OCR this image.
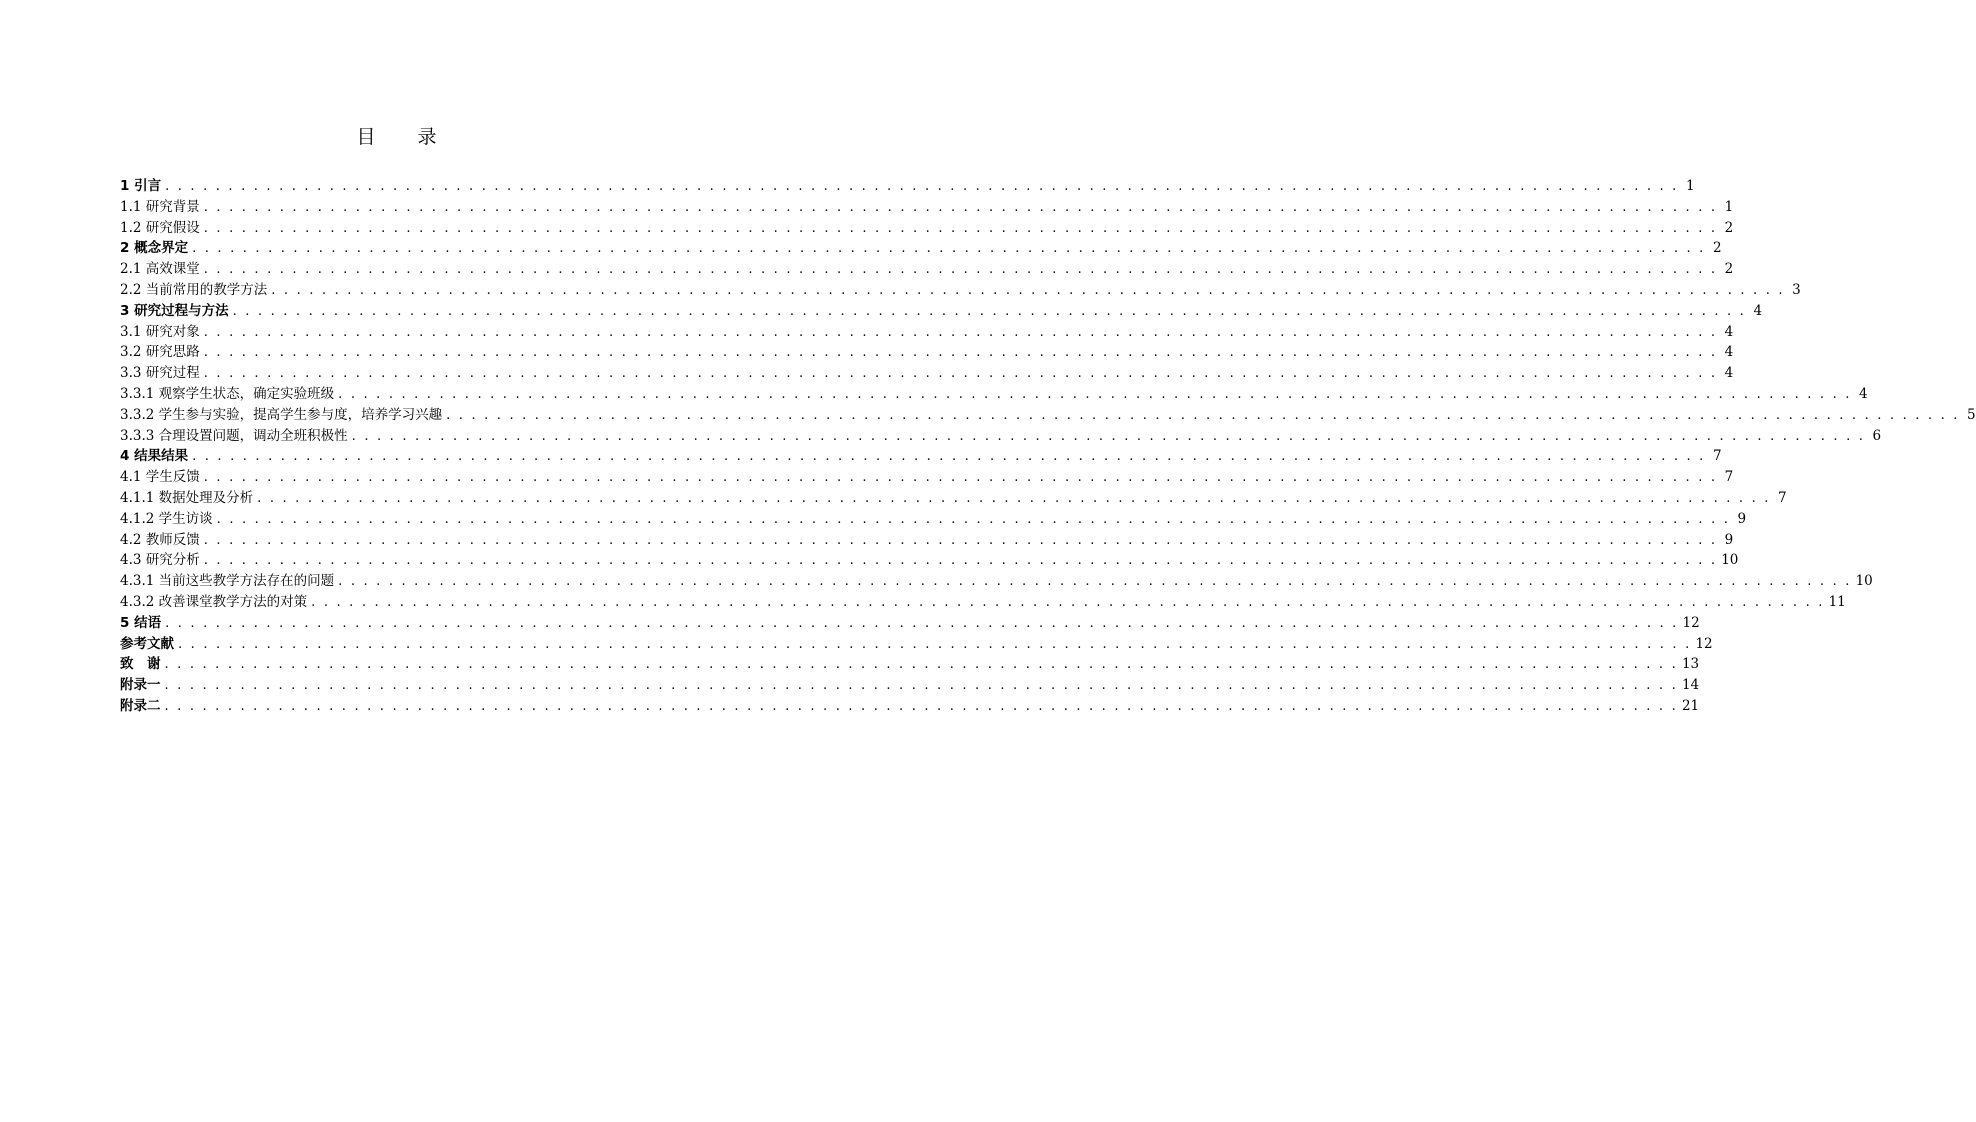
目 录
1 引言 . . . . . . . . . . . . . . . . . . . . . . . . . . . . . . . . . . . . . . . . . . . . . . . . . . . . . . . . . . . . . . . . . . . . . . . . . . . . . . . . . . . . . . . . . . . . . . . . . . . . . . . . . . . . . . . . . . . . . . . . 1
1.1 研究背景 . . . . . . . . . . . . . . . . . . . . . . . . . . . . . . . . . . . . . . . . . . . . . . . . . . . . . . . . . . . . . . . . . . . . . . . . . . . . . . . . . . . . . . . . . . . . . . . . . . . . . . . . . . . . . . . . . . . . . . . . 1
1.2 研究假设 . . . . . . . . . . . . . . . . . . . . . . . . . . . . . . . . . . . . . . . . . . . . . . . . . . . . . . . . . . . . . . . . . . . . . . . . . . . . . . . . . . . . . . . . . . . . . . . . . . . . . . . . . . . . . . . . . . . . . . . . 2
2 概念界定 . . . . . . . . . . . . . . . . . . . . . . . . . . . . . . . . . . . . . . . . . . . . . . . . . . . . . . . . . . . . . . . . . . . . . . . . . . . . . . . . . . . . . . . . . . . . . . . . . . . . . . . . . . . . . . . . . . . . . . . . 2
2.1 高效课堂 . . . . . . . . . . . . . . . . . . . . . . . . . . . . . . . . . . . . . . . . . . . . . . . . . . . . . . . . . . . . . . . . . . . . . . . . . . . . . . . . . . . . . . . . . . . . . . . . . . . . . . . . . . . . . . . . . . . . . . . . 2
2.2 当前常用的教学方法 . . . . . . . . . . . . . . . . . . . . . . . . . . . . . . . . . . . . . . . . . . . . . . . . . . . . . . . . . . . . . . . . . . . . . . . . . . . . . . . . . . . . . . . . . . . . . . . . . . . . . . . . . . . . . . . . . . . . . . . . 3
3 研究过程与方法 . . . . . . . . . . . . . . . . . . . . . . . . . . . . . . . . . . . . . . . . . . . . . . . . . . . . . . . . . . . . . . . . . . . . . . . . . . . . . . . . . . . . . . . . . . . . . . . . . . . . . . . . . . . . . . . . . . . . . . . . 4
3.1 研究对象 . . . . . . . . . . . . . . . . . . . . . . . . . . . . . . . . . . . . . . . . . . . . . . . . . . . . . . . . . . . . . . . . . . . . . . . . . . . . . . . . . . . . . . . . . . . . . . . . . . . . . . . . . . . . . . . . . . . . . . . . 4
3.2 研究思路 . . . . . . . . . . . . . . . . . . . . . . . . . . . . . . . . . . . . . . . . . . . . . . . . . . . . . . . . . . . . . . . . . . . . . . . . . . . . . . . . . . . . . . . . . . . . . . . . . . . . . . . . . . . . . . . . . . . . . . . . 4
3.3 研究过程 . . . . . . . . . . . . . . . . . . . . . . . . . . . . . . . . . . . . . . . . . . . . . . . . . . . . . . . . . . . . . . . . . . . . . . . . . . . . . . . . . . . . . . . . . . . . . . . . . . . . . . . . . . . . . . . . . . . . . . . . 4
3.3.1 观察学生状态，确定实验班级 . . . . . . . . . . . . . . . . . . . . . . . . . . . . . . . . . . . . . . . . . . . . . . . . . . . . . . . . . . . . . . . . . . . . . . . . . . . . . . . . . . . . . . . . . . . . . . . . . . . . . . . . . . . . . . . . . . . . . . . . 4
3.3.2 学生参与实验，提高学生参与度，培养学习兴趣 . . . . . . . . . . . . . . . . . . . . . . . . . . . . . . . . . . . . . . . . . . . . . . . . . . . . . . . . . . . . . . . . . . . . . . . . . . . . . . . . . . . . . . . . . . . . . . . . . . . . . . . . . . . . . . . . . . . . . . . . 5
3.3.3 合理设置问题，调动全班积极性 . . . . . . . . . . . . . . . . . . . . . . . . . . . . . . . . . . . . . . . . . . . . . . . . . . . . . . . . . . . . . . . . . . . . . . . . . . . . . . . . . . . . . . . . . . . . . . . . . . . . . . . . . . . . . . . . . . . . . . . . 6
4 结果结果 . . . . . . . . . . . . . . . . . . . . . . . . . . . . . . . . . . . . . . . . . . . . . . . . . . . . . . . . . . . . . . . . . . . . . . . . . . . . . . . . . . . . . . . . . . . . . . . . . . . . . . . . . . . . . . . . . . . . . . . . 7
4.1 学生反馈 . . . . . . . . . . . . . . . . . . . . . . . . . . . . . . . . . . . . . . . . . . . . . . . . . . . . . . . . . . . . . . . . . . . . . . . . . . . . . . . . . . . . . . . . . . . . . . . . . . . . . . . . . . . . . . . . . . . . . . . . 7
4.1.1 数据处理及分析 . . . . . . . . . . . . . . . . . . . . . . . . . . . . . . . . . . . . . . . . . . . . . . . . . . . . . . . . . . . . . . . . . . . . . . . . . . . . . . . . . . . . . . . . . . . . . . . . . . . . . . . . . . . . . . . . . . . . . . . . 7
4.1.2 学生访谈 . . . . . . . . . . . . . . . . . . . . . . . . . . . . . . . . . . . . . . . . . . . . . . . . . . . . . . . . . . . . . . . . . . . . . . . . . . . . . . . . . . . . . . . . . . . . . . . . . . . . . . . . . . . . . . . . . . . . . . . . 9
4.2 教师反馈 . . . . . . . . . . . . . . . . . . . . . . . . . . . . . . . . . . . . . . . . . . . . . . . . . . . . . . . . . . . . . . . . . . . . . . . . . . . . . . . . . . . . . . . . . . . . . . . . . . . . . . . . . . . . . . . . . . . . . . . . 9
4.3 研究分析 . . . . . . . . . . . . . . . . . . . . . . . . . . . . . . . . . . . . . . . . . . . . . . . . . . . . . . . . . . . . . . . . . . . . . . . . . . . . . . . . . . . . . . . . . . . . . . . . . . . . . . . . . . . . . . . . . . . . . . . . 10
4.3.1 当前这些教学方法存在的问题 . . . . . . . . . . . . . . . . . . . . . . . . . . . . . . . . . . . . . . . . . . . . . . . . . . . . . . . . . . . . . . . . . . . . . . . . . . . . . . . . . . . . . . . . . . . . . . . . . . . . . . . . . . . . . . . . . . . . . . . . 10
4.3.2 改善课堂教学方法的对策 . . . . . . . . . . . . . . . . . . . . . . . . . . . . . . . . . . . . . . . . . . . . . . . . . . . . . . . . . . . . . . . . . . . . . . . . . . . . . . . . . . . . . . . . . . . . . . . . . . . . . . . . . . . . . . . . . . . . . . . . 11
5 结语 . . . . . . . . . . . . . . . . . . . . . . . . . . . . . . . . . . . . . . . . . . . . . . . . . . . . . . . . . . . . . . . . . . . . . . . . . . . . . . . . . . . . . . . . . . . . . . . . . . . . . . . . . . . . . . . . . . . . . . . . 12
参考文献 . . . . . . . . . . . . . . . . . . . . . . . . . . . . . . . . . . . . . . . . . . . . . . . . . . . . . . . . . . . . . . . . . . . . . . . . . . . . . . . . . . . . . . . . . . . . . . . . . . . . . . . . . . . . . . . . . . . . . . . . 12
致　谢 . . . . . . . . . . . . . . . . . . . . . . . . . . . . . . . . . . . . . . . . . . . . . . . . . . . . . . . . . . . . . . . . . . . . . . . . . . . . . . . . . . . . . . . . . . . . . . . . . . . . . . . . . . . . . . . . . . . . . . . . 13
附录一 . . . . . . . . . . . . . . . . . . . . . . . . . . . . . . . . . . . . . . . . . . . . . . . . . . . . . . . . . . . . . . . . . . . . . . . . . . . . . . . . . . . . . . . . . . . . . . . . . . . . . . . . . . . . . . . . . . . . . . . . 14
附录二 . . . . . . . . . . . . . . . . . . . . . . . . . . . . . . . . . . . . . . . . . . . . . . . . . . . . . . . . . . . . . . . . . . . . . . . . . . . . . . . . . . . . . . . . . . . . . . . . . . . . . . . . . . . . . . . . . . . . . . . . 21
